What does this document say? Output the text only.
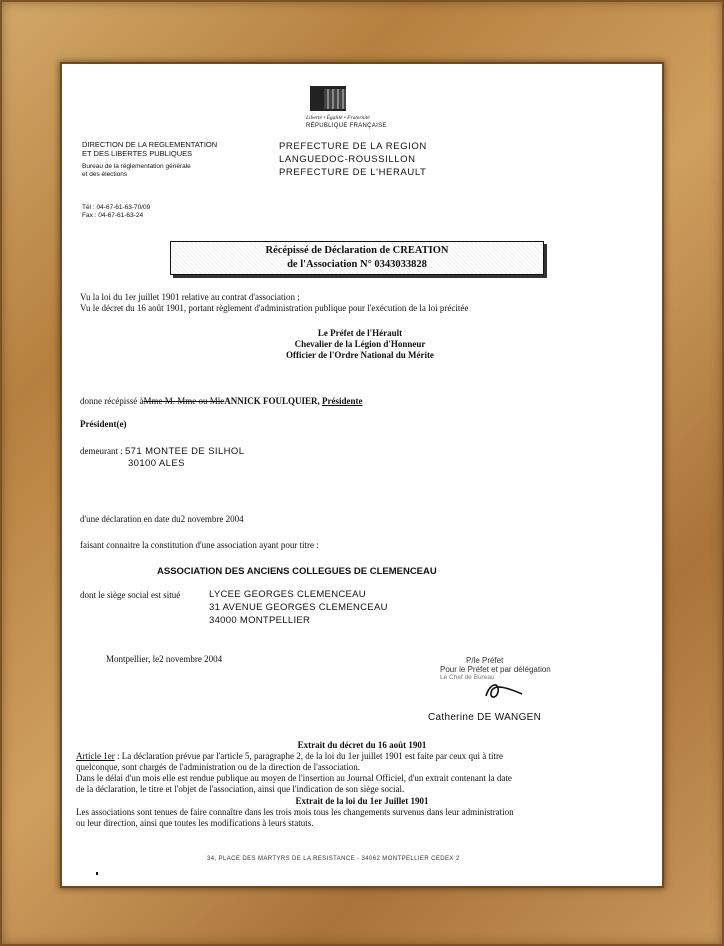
Liberté • Égalité • Fraternité
RÉPUBLIQUE FRANÇAISE
DIRECTION DE LA REGLEMENTATION
ET DES LIBERTES PUBLIQUES
Bureau de la réglementation générale
et des élections
Tél : 04-67-61-63-70/09
Fax : 04-67-61-63-24
PREFECTURE DE LA REGION
LANGUEDOC-ROUSSILLON
PREFECTURE DE L'HERAULT
Récépissé de Déclaration de CREATION
de l'Association N° 0343033828
Vu la loi du 1er juillet 1901 relative au contrat d'association ;
Vu le décret du 16 août 1901, portant règlement d'administration publique pour l'exécution de la loi précitée
Le Préfet de l'Hérault
Chevalier de la Légion d'Honneur
Officier de l'Ordre National du Mérite
donne récépissé àMme M. Mme ou MleANNICK FOULQUIER, Présidente
Président(e)
demeurant : 571 MONTEE DE SILHOL
30100 ALES
d'une déclaration en date du2 novembre 2004
faisant connaitre la constitution d'une association ayant pour titre :
ASSOCIATION DES ANCIENS COLLEGUES DE CLEMENCEAU
dont le siège social est situé	LYCEE GEORGES CLEMENCEAU
31 AVENUE GEORGES CLEMENCEAU
34000 MONTPELLIER
Montpellier, le2 novembre 2004	P/le Préfet
Pour le Préfet et par délégation
Le Chef de Bureau
Catherine DE WANGEN
Extrait du décret du 16 août 1901
Article 1er : La déclaration prévue par l'article 5, paragraphe 2, de la loi du 1er juillet 1901 est faite par ceux qui à titre
quelconque, sont chargés de l'administration ou de la direction de l'association.
Dans le délai d'un mois elle est rendue publique au moyen de l'insertion au Journal Officiel, d'un extrait contenant la date
de la déclaration, le titre et l'objet de l'association, ainsi que l'indication de son siège social.
Extrait de la loi du 1er Juillet 1901
Les associations sont tenues de faire connaître dans les trois mois tous les changements survenus dans leur administration
ou leur direction, ainsi que toutes les modifications à leurs statuts.
34, PLACE DES MARTYRS DE LA RESISTANCE - 34062 MONTPELLIER CEDEX 2
